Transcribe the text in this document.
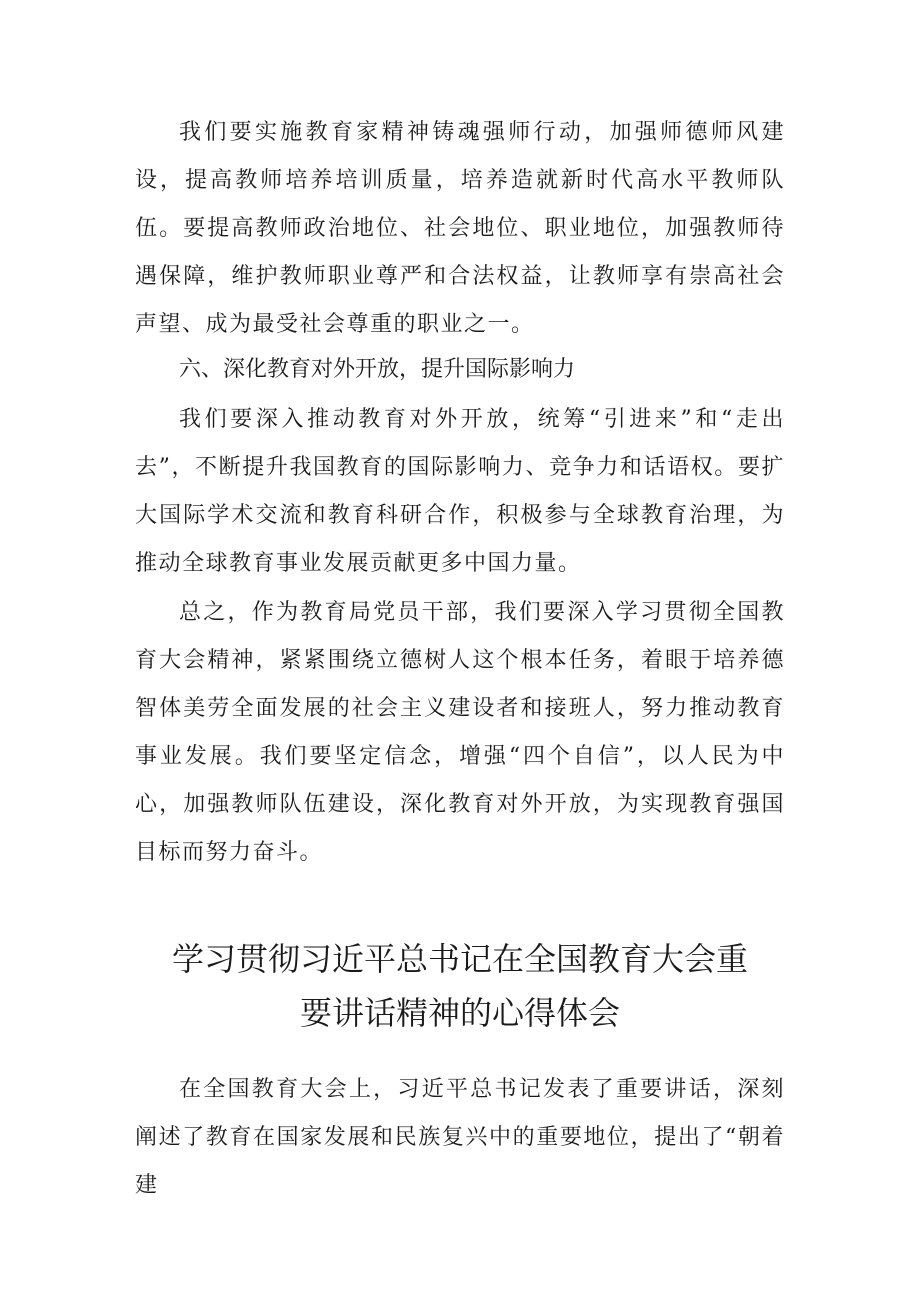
我们要实施教育家精神铸魂强师行动，加强师德师风建设，提高教师培养培训质量，培养造就新时代高水平教师队伍。要提高教师政治地位、社会地位、职业地位，加强教师待遇保障，维护教师职业尊严和合法权益，让教师享有崇高社会声望、成为最受社会尊重的职业之一。

六、深化教育对外开放，提升国际影响力

我们要深入推动教育对外开放，统筹“引进来”和“走出去”，不断提升我国教育的国际影响力、竞争力和话语权。要扩大国际学术交流和教育科研合作，积极参与全球教育治理，为推动全球教育事业发展贡献更多中国力量。

总之，作为教育局党员干部，我们要深入学习贯彻全国教育大会精神，紧紧围绕立德树人这个根本任务，着眼于培养德智体美劳全面发展的社会主义建设者和接班人，努力推动教育事业发展。我们要坚定信念，增强“四个自信”，以人民为中心，加强教师队伍建设，深化教育对外开放，为实现教育强国目标而努力奋斗。

学习贯彻习近平总书记在全国教育大会重
要讲话精神的心得体会

在全国教育大会上，习近平总书记发表了重要讲话，深刻阐述了教育在国家发展和民族复兴中的重要地位，提出了“朝着建
